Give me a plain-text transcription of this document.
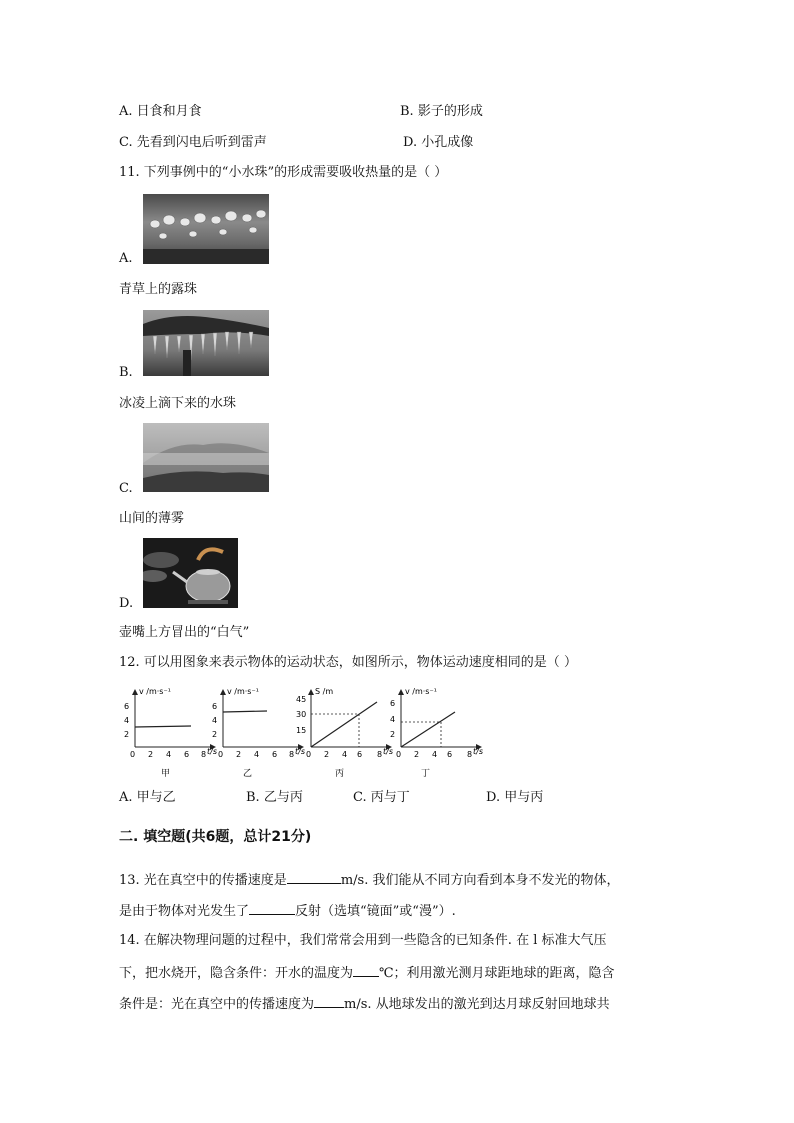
A. 日食和月食	B. 影子的形成
C. 先看到闪电后听到雷声	D. 小孔成像
11. 下列事例中的“小水珠”的形成需要吸收热量的是（ ）
A.
青草上的露珠
B.
冰凌上滴下来的水珠
C.
山间的薄雾
D.
壶嘴上方冒出的“白气”
12. 可以用图象来表示物体的运动状态，如图所示，物体运动速度相同的是（ ）
v /m·s⁻¹
6
4
2
0 2 4 6 8 t/s
甲
v /m·s⁻¹
6
4
2
0 2 4 6 8 t/s
乙
S /m
45
30
15
0 2 4 6 8 t/s
丙
v /m·s⁻¹
6
4
2
0 2 4 6 8 t/s
丁
A. 甲与乙	B. 乙与丙	C. 丙与丁	D. 甲与丙
二. 填空题(共6题，总计21分)
13. 光在真空中的传播速度是	m/s. 我们能从不同方向看到本身不发光的物体，
是由于物体对光发生了	反射（选填“镜面”或“漫”）.
14. 在解决物理问题的过程中，我们常常会用到一些隐含的已知条件. 在 l 标准大气压
下，把水烧开，隐含条件：开水的温度为 ℃；利用激光测月球距地球的距离，隐含
条件是：光在真空中的传播速度为 m/s. 从地球发出的激光到达月球反射回地球共
